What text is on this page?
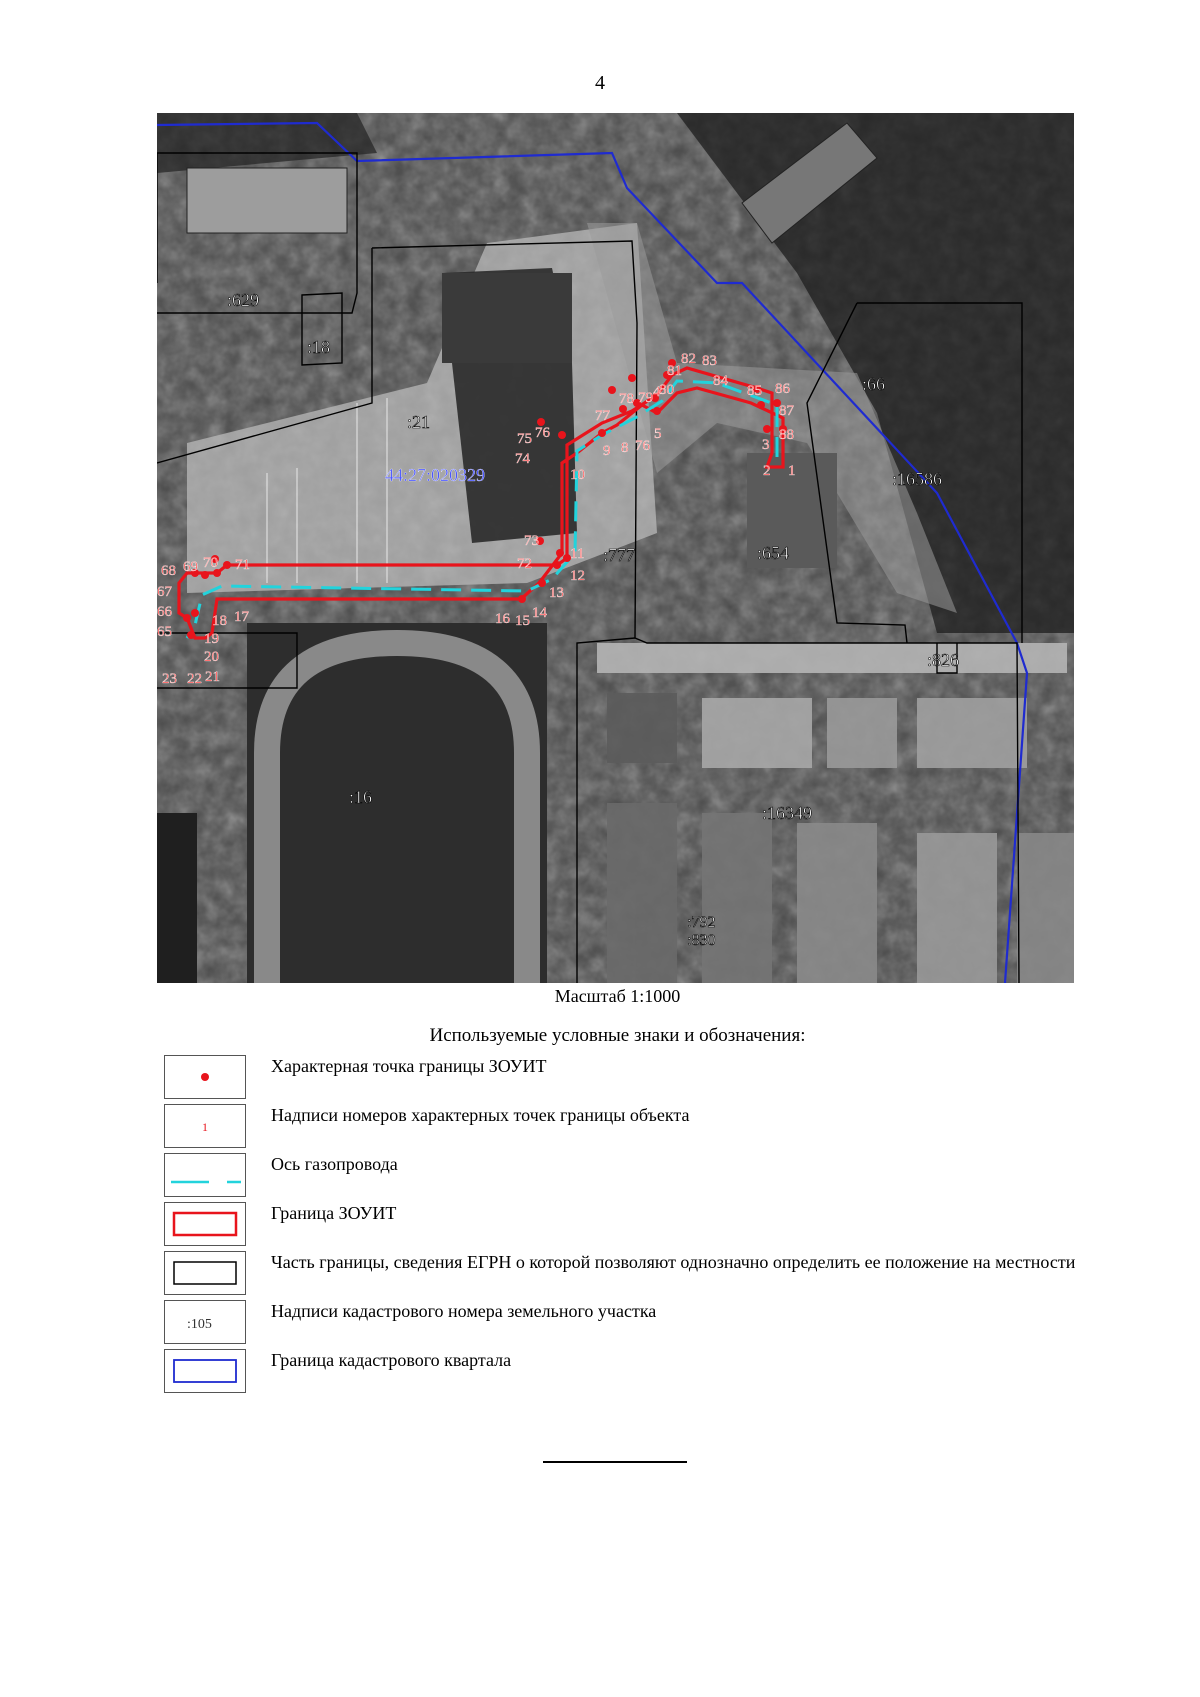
4
1
2
3
4
5
76
8
9
10
11
12
13
14
15
16
17
18
19
20
21
22
23
65
66
67
68 69 70 71	72
73
74
75 76
77
78 79 80
81
82 83
84
85 86
87
88
:629
:18
:21
:66
:16586
:777	:654
:826
:16
:16349
:792
:830
44:27:020329
Масштаб 1:1000
Используемые условные знаки и обозначения:
Характерная точка границы ЗОУИТ
1
Надписи номеров характерных точек границы объекта
Ось газопровода
Граница ЗОУИТ
Часть границы, сведения ЕГРН о которой позволяют однозначно определить ее положение на местности
:105
Надписи кадастрового номера земельного участка
Граница кадастрового квартала
